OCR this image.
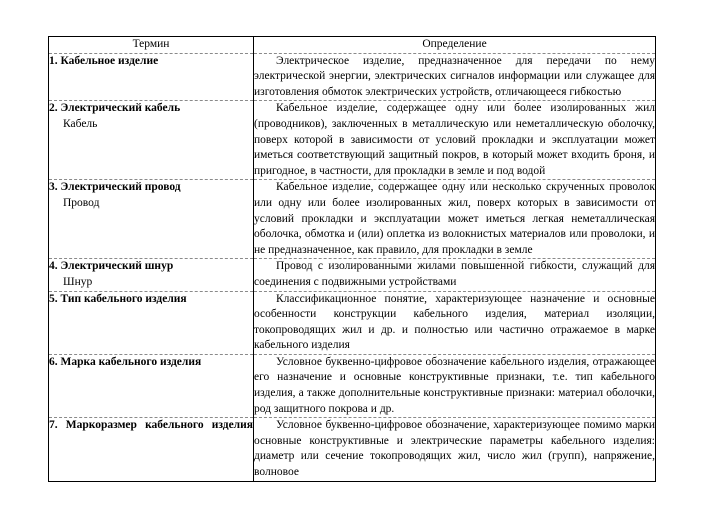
Термин	Определение

1. Кабельное изделие	Электрическое изделие, предназначенное для передачи по нему электрической энергии, электрических сигналов информации или служащее для изготовления обмоток электрических устройств, отличающееся гибкостью

2. Электрический кабель
Кабель	Кабельное изделие, содержащее одну или более изолированных жил (проводников), заключенных в металлическую или неметаллическую оболочку, поверх которой в зависимости от условий прокладки и эксплуатации может иметься соответствующий защитный покров, в который может входить броня, и пригодное, в частности, для прокладки в земле и под водой

3. Электрический провод
Провод	Кабельное изделие, содержащее одну или несколько скрученных проволок или одну или более изолированных жил, поверх которых в зависимости от условий прокладки и эксплуатации может иметься легкая неметаллическая оболочка, обмотка и (или) оплетка из волокнистых материалов или проволоки, и не предназначенное, как правило, для прокладки в земле

4. Электрический шнур
Шнур	Провод с изолированными жилами повышенной гибкости, служащий для соединения с подвижными устройствами

5. Тип кабельного изделия	Классификационное понятие, характеризующее назначение и основные особенности конструкции кабельного изделия, материал изоляции, токопроводящих жил и др. и полностью или частично отражаемое в марке кабельного изделия

6. Марка кабельного изделия	Условное буквенно-цифровое обозначение кабельного изделия, отражающее его назначение и основные конструктивные признаки, т.е. тип кабельного изделия, а также дополнительные конструктивные признаки: материал оболочки, род защитного покрова и др.

7. Маркоразмер кабельного изделия	Условное буквенно-цифровое обозначение, характеризующее помимо марки основные конструктивные и электрические параметры кабельного изделия: диаметр или сечение токопроводящих жил, число жил (групп), напряжение, волновое
